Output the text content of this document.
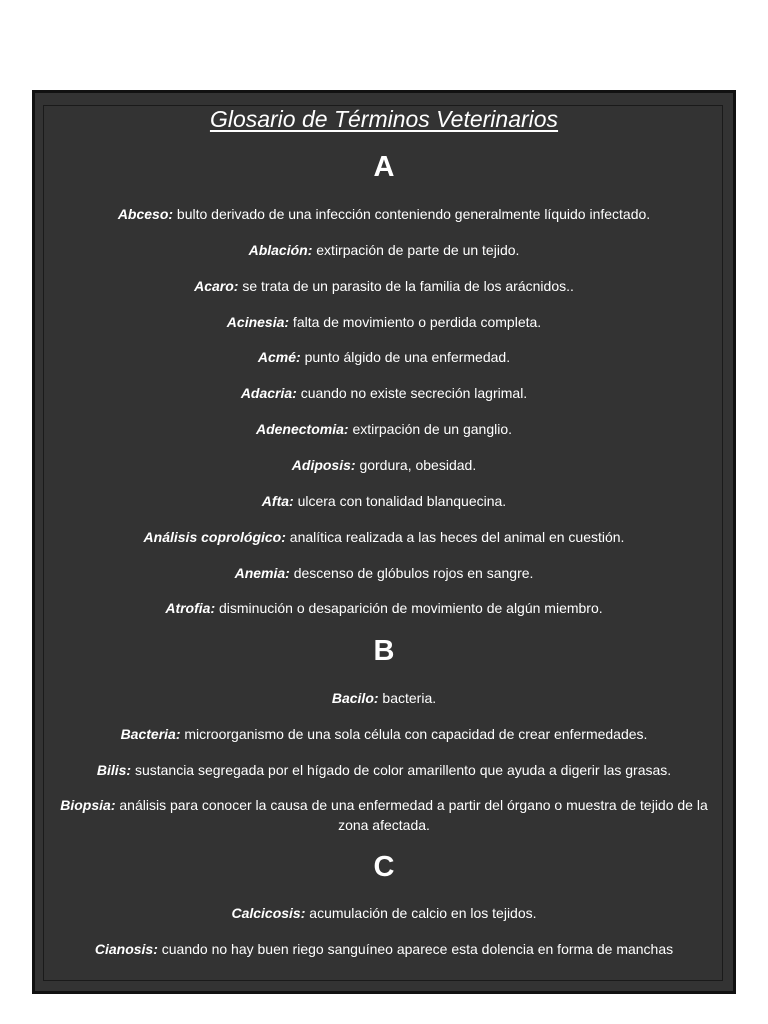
Glosario de Términos Veterinarios
A
Abceso: bulto derivado de una infección conteniendo generalmente líquido infectado.
Ablación: extirpación de parte de un tejido.
Acaro: se trata de un parasito de la familia de los arácnidos..
Acinesia: falta de movimiento o perdida completa.
Acmé: punto álgido de una enfermedad.
Adacria: cuando no existe secreción lagrimal.
Adenectomia: extirpación de un ganglio.
Adiposis: gordura, obesidad.
Afta: ulcera con tonalidad blanquecina.
Análisis coprológico: analítica realizada a las heces del animal en cuestión.
Anemia: descenso de glóbulos rojos en sangre.
Atrofia: disminución o desaparición de movimiento de algún miembro.
B
Bacilo: bacteria.
Bacteria: microorganismo de una sola célula con capacidad de crear enfermedades.
Bilis: sustancia segregada por el hígado de color amarillento que ayuda a digerir las grasas.
Biopsia: análisis para conocer la causa de una enfermedad a partir del órgano o muestra de tejido de la zona afectada.
C
Calcicosis: acumulación de calcio en los tejidos.
Cianosis: cuando no hay buen riego sanguíneo aparece esta dolencia en forma de manchas
